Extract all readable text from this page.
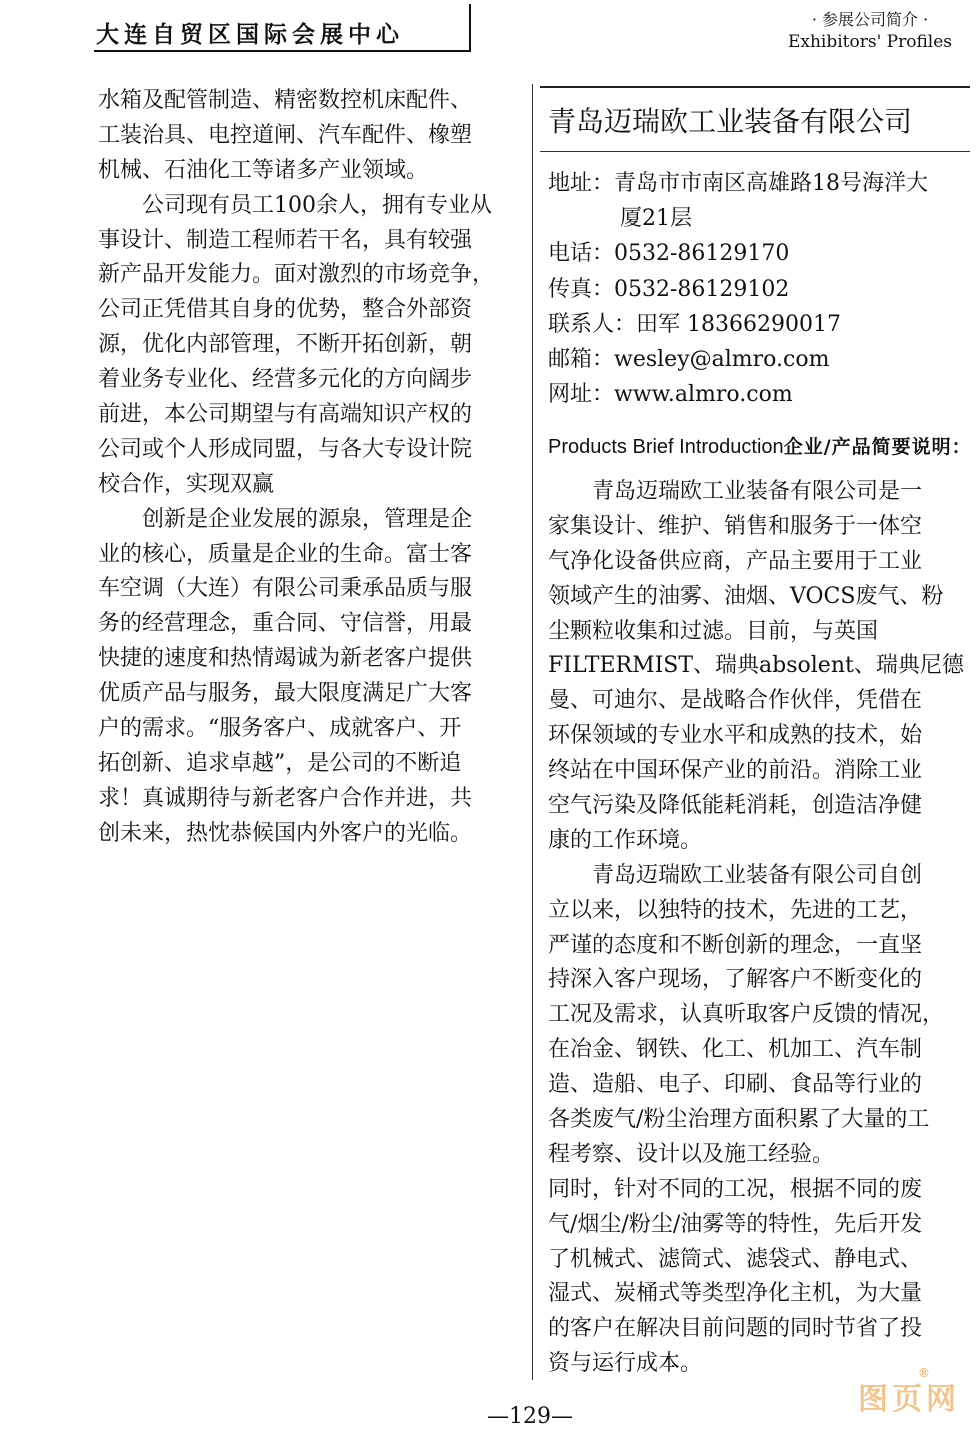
大连自贸区国际会展中心
· 参展公司简介 ·
Exhibitors' Profiles
水箱及配管制造、精密数控机床配件、
工装治具、电控道闸、汽车配件、橡塑
机械、石油化工等诸多产业领域。
　　公司现有员工100余人，拥有专业从
事设计、制造工程师若干名，具有较强
新产品开发能力。面对激烈的市场竞争，
公司正凭借其自身的优势，整合外部资
源，优化内部管理，不断开拓创新，朝
着业务专业化、经营多元化的方向阔步
前进，本公司期望与有高端知识产权的
公司或个人形成同盟，与各大专设计院
校合作，实现双赢
　　创新是企业发展的源泉，管理是企
业的核心，质量是企业的生命。富士客
车空调（大连）有限公司秉承品质与服
务的经营理念，重合同、守信誉，用最
快捷的速度和热情竭诚为新老客户提供
优质产品与服务，最大限度满足广大客
户的需求。“服务客户、成就客户、开
拓创新、追求卓越”，是公司的不断追
求！真诚期待与新老客户合作并进，共
创未来，热忱恭候国内外客户的光临。
青岛迈瑞欧工业装备有限公司
地址：青岛市市南区高雄路18号海洋大
厦21层
电话：0532-86129170
传真：0532-86129102
联系人：田军 18366290017
邮箱：wesley@almro.com
网址：www.almro.com
Products Brief Introduction企业/产品简要说明：
　　青岛迈瑞欧工业装备有限公司是一
家集设计、维护、销售和服务于一体空
气净化设备供应商，产品主要用于工业
领域产生的油雾、油烟、VOCS废气、粉
尘颗粒收集和过滤。目前，与英国
FILTERMIST、瑞典absolent、瑞典尼德
曼、可迪尔、是战略合作伙伴，凭借在
环保领域的专业水平和成熟的技术，始
终站在中国环保产业的前沿。消除工业
空气污染及降低能耗消耗，创造洁净健
康的工作环境。
　　青岛迈瑞欧工业装备有限公司自创
立以来，以独特的技术，先进的工艺，
严谨的态度和不断创新的理念，一直坚
持深入客户现场，了解客户不断变化的
工况及需求，认真听取客户反馈的情况，
在冶金、钢铁、化工、机加工、汽车制
造、造船、电子、印刷、食品等行业的
各类废气/粉尘治理方面积累了大量的工
程考察、设计以及施工经验。
同时，针对不同的工况，根据不同的废
气/烟尘/粉尘/油雾等的特性，先后开发
了机械式、滤筒式、滤袋式、静电式、
湿式、炭桶式等类型净化主机，为大量
的客户在解决目前问题的同时节省了投
资与运行成本。
—129—	图页网
®
